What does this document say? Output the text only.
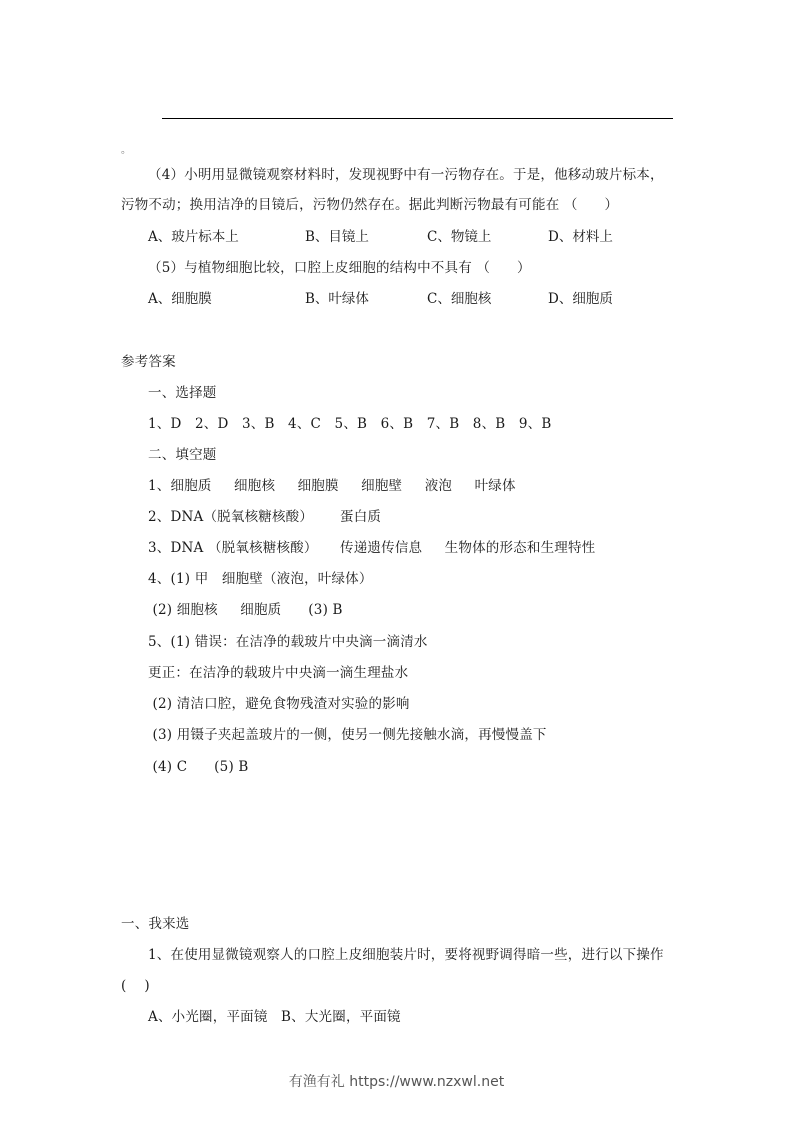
。
（4）小明用显微镜观察材料时，发现视野中有一污物存在。于是，他移动玻片标本，
污物不动；换用洁净的目镜后，污物仍然存在。据此判断污物最有可能在 （      ）
A、玻片标本上	B、目镜上	C、物镜上	D、材料上
（5）与植物细胞比较，口腔上皮细胞的结构中不具有 （      ）
A、细胞膜	B、叶绿体	C、细胞核	D、细胞质
参考答案
一、选择题
1、D   2、D   3、B   4、C   5、B   6、B   7、B   8、B   9、B
二、填空题
1、细胞质     细胞核     细胞膜     细胞壁     液泡     叶绿体
2、DNA（脱氧核糖核酸）      蛋白质
3、DNA （脱氧核糖核酸）     传递遗传信息     生物体的形态和生理特性
4、(1) 甲   细胞壁（液泡，叶绿体）
(2) 细胞核     细胞质      (3) B
5、(1) 错误：在洁净的载玻片中央滴一滴清水
更正：在洁净的载玻片中央滴一滴生理盐水
(2) 清洁口腔，避免食物残渣对实验的影响
(3) 用镊子夹起盖玻片的一侧，使另一侧先接触水滴，再慢慢盖下
(4) C      (5) B
一、我来选
1、在使用显微镜观察人的口腔上皮细胞装片时，要将视野调得暗一些，进行以下操作
(    )
A、小光圈，平面镜   B、大光圈，平面镜
有渔有礼 https://www.nzxwl.net
